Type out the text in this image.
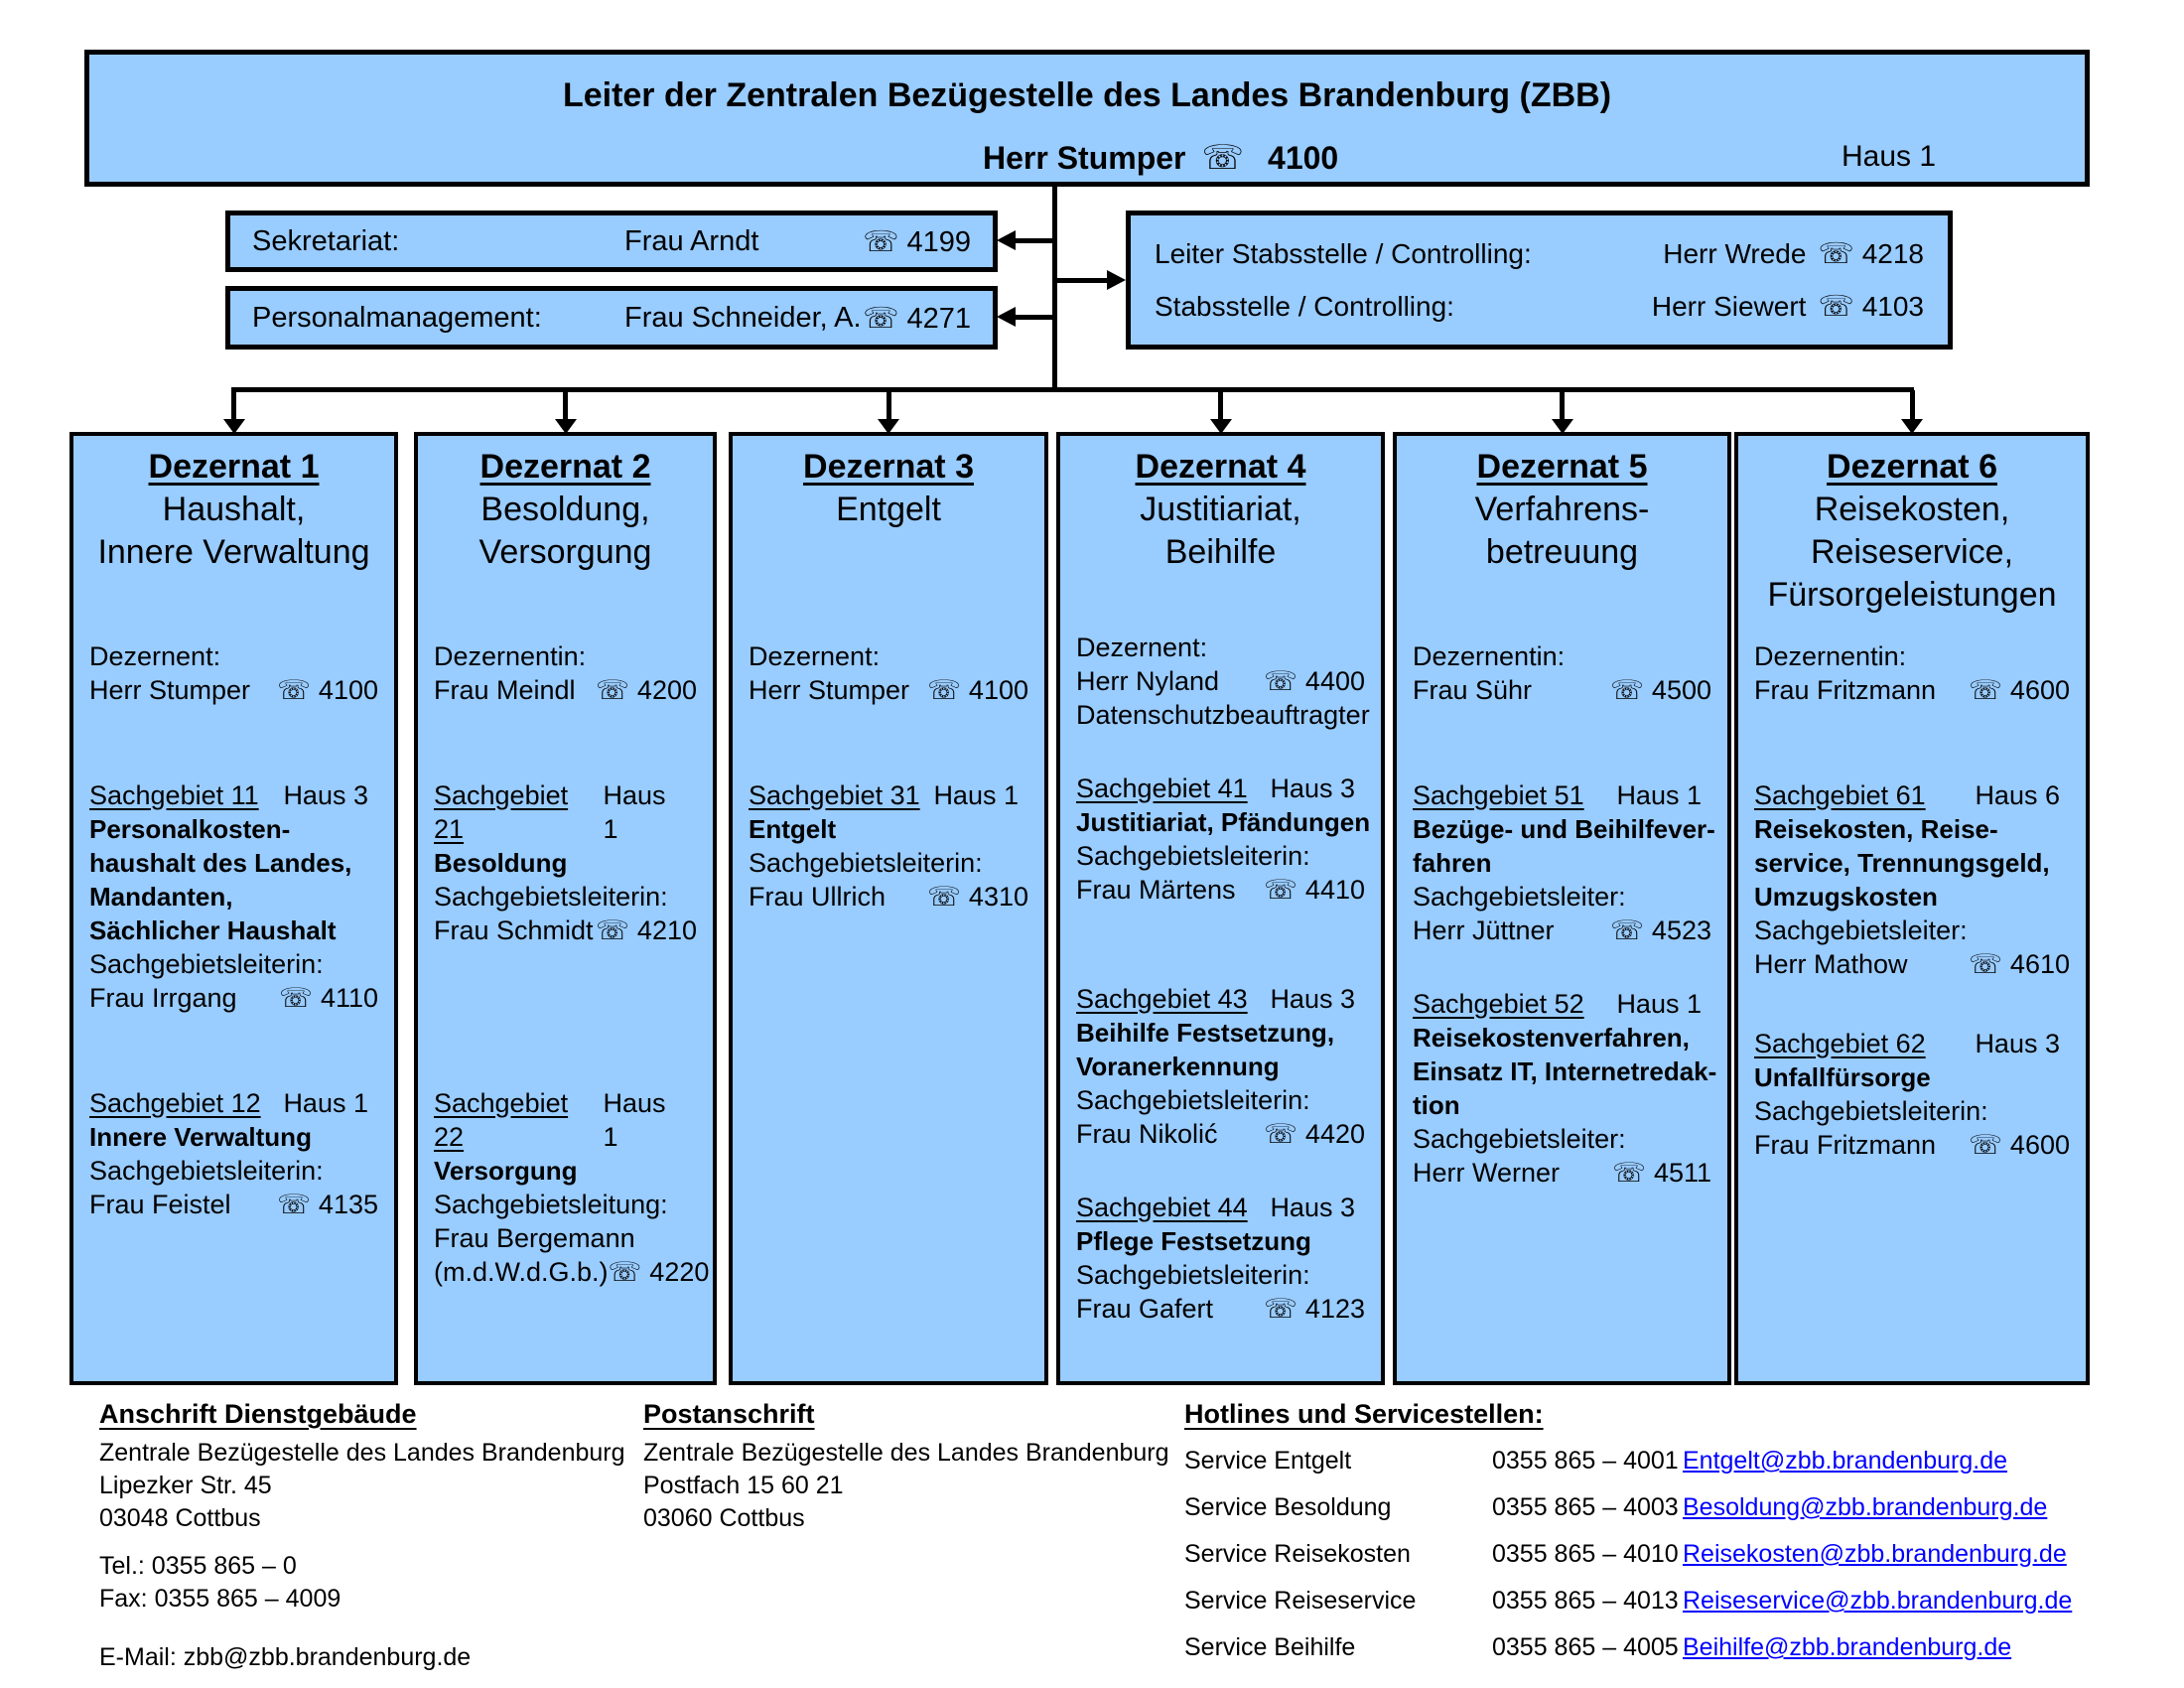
Leiter der Zentralen Bezügestelle des Landes Brandenburg (ZBB)
Herr Stumper ☏ 4100	Haus 1
Sekretariat:	Frau Arndt	☏ 4199
Personalmanagement:	Frau Schneider, A. ☏ 4271
Leiter Stabsstelle / Controlling:	Herr Wrede ☏ 4218
Stabsstelle / Controlling:	Herr Siewert ☏ 4103
Dezernat 1
Haushalt,
Innere Verwaltung
Dezernent:
Herr Stumper ☏ 4100
Sachgebiet 11 Haus 3
Personalkosten-
haushalt des Landes,
Mandanten,
Sächlicher Haushalt
Sachgebietsleiterin:
Frau Irrgang ☏ 4110
Sachgebiet 12 Haus 1
Innere Verwaltung
Sachgebietsleiterin:
Frau Feistel ☏ 4135
Dezernat 2
Besoldung,
Versorgung
Dezernentin:
Frau Meindl ☏ 4200
Sachgebiet 21
Haus 1
Besoldung
Sachgebietsleiterin:
Frau Schmidt ☏ 4210
Sachgebiet 22
Haus 1
Versorgung
Sachgebietsleitung:
Frau Bergemann
(m.d.W.d.G.b.) ☏ 4220
Dezernat 3
Entgelt
Dezernent:
Herr Stumper ☏ 4100
Sachgebiet 31 Haus 1
Entgelt
Sachgebietsleiterin:
Frau Ullrich ☏ 4310
Dezernat 4
Justitiariat,
Beihilfe
Dezernent:
Herr Nyland ☏ 4400
Datenschutzbeauftragter
Sachgebiet 41 Haus 3
Justitiariat, Pfändungen
Sachgebietsleiterin:
Frau Märtens ☏ 4410
Sachgebiet 43 Haus 3
Beihilfe Festsetzung,
Voranerkennung
Sachgebietsleiterin:
Frau Nikolić ☏ 4420
Sachgebiet 44 Haus 3
Pflege Festsetzung
Sachgebietsleiterin:
Frau Gafert ☏ 4123
Dezernat 5
Verfahrens-
betreuung
Dezernentin:
Frau Sühr	☏ 4500
Sachgebiet 51 Haus 1
Bezüge- und Beihilfever-
fahren
Sachgebietsleiter:
Herr Jüttner ☏ 4523
Sachgebiet 52 Haus 1
Reisekostenverfahren,
Einsatz IT, Internetredak-
tion
Sachgebietsleiter:
Herr Werner ☏ 4511
Dezernat 6
Reisekosten,
Reiseservice,
Fürsorgeleistungen
Dezernentin:
Frau Fritzmann ☏ 4600
Sachgebiet 61 Haus 6
Reisekosten, Reise-
service, Trennungsgeld,
Umzugskosten
Sachgebietsleiter:
Herr Mathow ☏ 4610
Sachgebiet 62 Haus 3
Unfallfürsorge
Sachgebietsleiterin:
Frau Fritzmann ☏ 4600
Anschrift Dienstgebäude
Zentrale Bezügestelle des Landes Brandenburg
Lipezker Str. 45
03048 Cottbus
Tel.: 0355 865 – 0
Fax: 0355 865 – 4009
E-Mail: zbb@zbb.brandenburg.de
Postanschrift
Zentrale Bezügestelle des Landes Brandenburg
Postfach 15 60 21
03060 Cottbus
Hotlines und Servicestellen:
Service Entgelt	0355 865 – 4001 Entgelt@zbb.brandenburg.de
Service Besoldung	0355 865 – 4003 Besoldung@zbb.brandenburg.de
Service Reisekosten	0355 865 – 4010 Reisekosten@zbb.brandenburg.de
Service Reiseservice	0355 865 – 4013 Reiseservice@zbb.brandenburg.de
Service Beihilfe	0355 865 – 4005 Beihilfe@zbb.brandenburg.de
